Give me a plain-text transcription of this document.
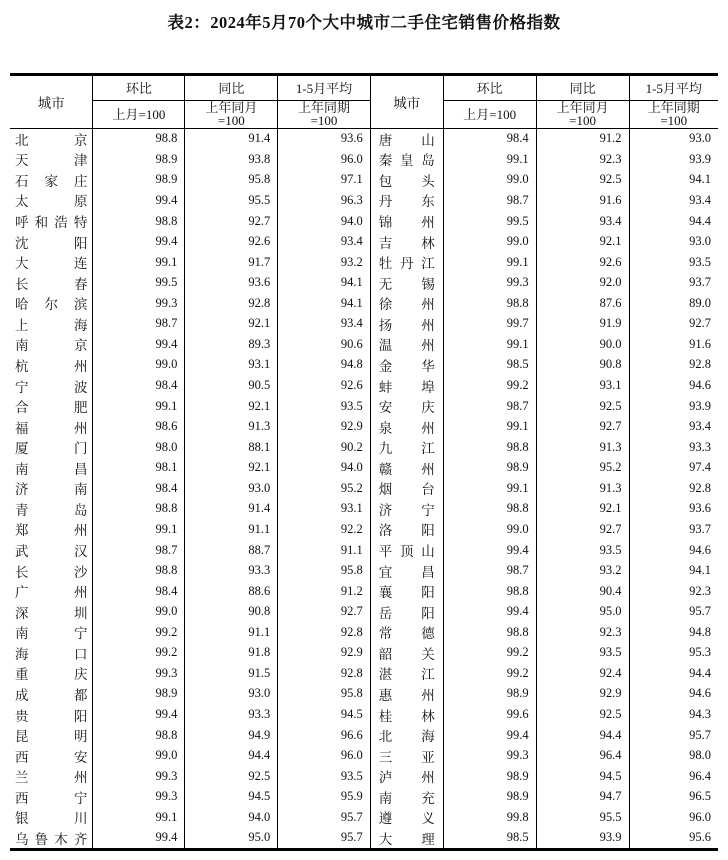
表2：2024年5月70个大中城市二手住宅销售价格指数
城市	环比	同比	1-5月平均
上月=100	上年同月
=100

上年同期
=100

北 京	98.8	91.4	93.6

天 津	98.9	93.8	96.0

石 家 庄	98.9	95.8	97.1

太 原	99.4	95.5	96.3

呼 和 浩 特	98.8	92.7	94.0

沈 阳	99.4	92.6	93.4

大 连	99.1	91.7	93.2

长 春	99.5	93.6	94.1

哈 尔 滨	99.3	92.8	94.1

上 海	98.7	92.1	93.4

南 京	99.4	89.3	90.6

杭 州	99.0	93.1	94.8

宁 波	98.4	90.5	92.6

合 肥	99.1	92.1	93.5

福 州	98.6	91.3	92.9

厦 门	98.0	88.1	90.2

南 昌	98.1	92.1	94.0

济 南	98.4	93.0	95.2

青 岛	98.8	91.4	93.1

郑 州	99.1	91.1	92.2

武 汉	98.7	88.7	91.1

长 沙	98.8	93.3	95.8

广 州	98.4	88.6	91.2

深 圳	99.0	90.8	92.7

南 宁	99.2	91.1	92.8

海 口	99.2	91.8	92.9

重 庆	99.3	91.5	92.8

成 都	98.9	93.0	95.8

贵 阳	99.4	93.3	94.5

昆 明	98.8	94.9	96.6

西 安	99.0	94.4	96.0

兰 州	99.3	92.5	93.5

西 宁	99.3	94.5	95.9

银 川	99.1	94.0	95.7

乌 鲁 木 齐	99.4	95.0	95.7
城市	环比	同比	1-5月平均
上月=100	上年同月
=100

上年同期
=100

唐 山	98.4	91.2	93.0

秦 皇 岛	99.1	92.3	93.9

包 头	99.0	92.5	94.1

丹 东	98.7	91.6	93.4

锦 州	99.5	93.4	94.4

吉 林	99.0	92.1	93.0

牡 丹 江	99.1	92.6	93.5

无 锡	99.3	92.0	93.7

徐 州	98.8	87.6	89.0

扬 州	99.7	91.9	92.7

温 州	99.1	90.0	91.6

金 华	98.5	90.8	92.8

蚌 埠	99.2	93.1	94.6

安 庆	98.7	92.5	93.9

泉 州	99.1	92.7	93.4

九 江	98.8	91.3	93.3

赣 州	98.9	95.2	97.4

烟 台	99.1	91.3	92.8

济 宁	98.8	92.1	93.6

洛 阳	99.0	92.7	93.7

平 顶 山	99.4	93.5	94.6

宜 昌	98.7	93.2	94.1

襄 阳	98.8	90.4	92.3

岳 阳	99.4	95.0	95.7

常 德	98.8	92.3	94.8

韶 关	99.2	93.5	95.3

湛 江	99.2	92.4	94.4

惠 州	98.9	92.9	94.6

桂 林	99.6	92.5	94.3

北 海	99.4	94.4	95.7

三 亚	99.3	96.4	98.0

泸 州	98.9	94.5	96.4

南 充	98.9	94.7	96.5

遵 义	99.8	95.5	96.0

大 理	98.5	93.9	95.6
